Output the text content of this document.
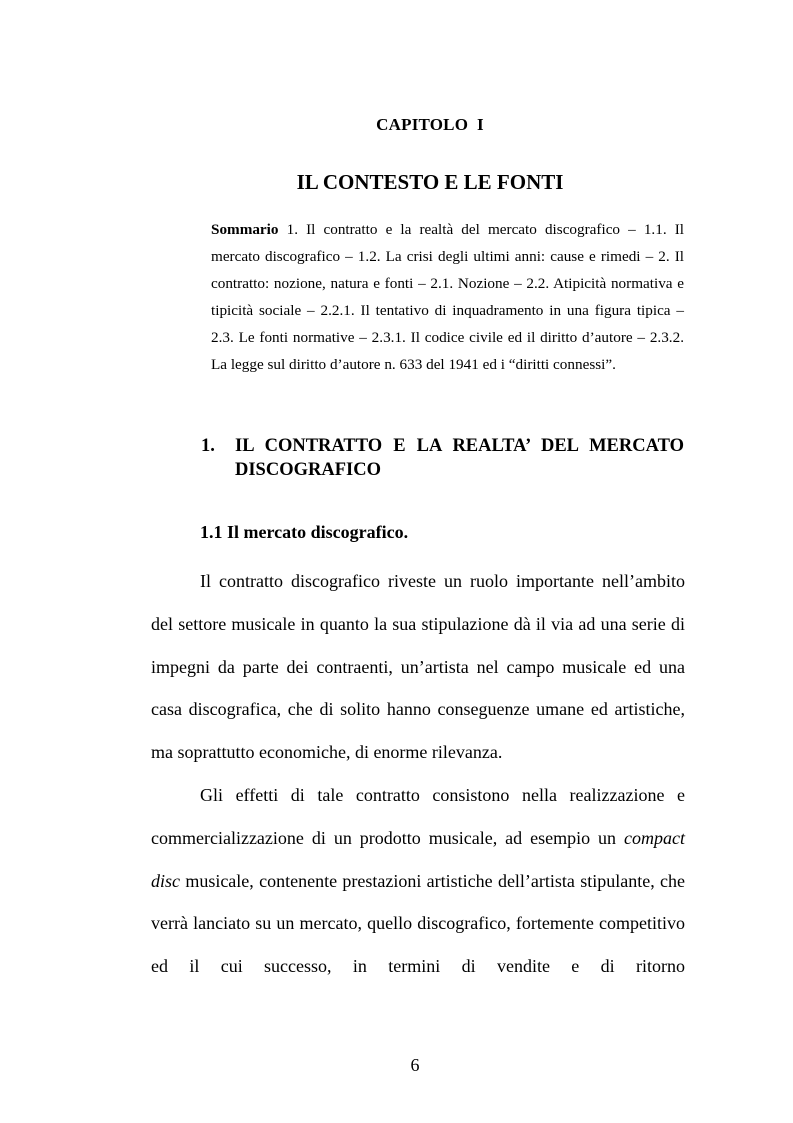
CAPITOLO  I
IL CONTESTO E LE FONTI
Sommario 1. Il contratto e la realtà del mercato discografico – 1.1. Il mercato discografico – 1.2. La crisi degli ultimi anni: cause e rimedi – 2. Il contratto: nozione, natura e fonti – 2.1. Nozione – 2.2. Atipicità normativa e tipicità sociale – 2.2.1. Il tentativo di inquadramento in una figura tipica – 2.3. Le fonti normative – 2.3.1. Il codice civile ed il diritto d’autore – 2.3.2. La legge sul diritto d’autore n. 633 del 1941 ed i “diritti connessi”.
1. IL CONTRATTO E LA REALTA’ DEL MERCATO DISCOGRAFICO
1.1 Il mercato discografico.

Il contratto discografico riveste un ruolo importante nell’ambito del settore musicale in quanto la sua stipulazione dà il via ad una serie di impegni da parte dei contraenti, un’artista nel campo musicale ed una casa discografica, che di solito hanno conseguenze umane ed artistiche, ma soprattutto economiche, di enorme rilevanza.

Gli effetti di tale contratto consistono nella realizzazione e commercializzazione di un prodotto musicale, ad esempio un compact disc musicale, contenente prestazioni artistiche dell’artista stipulante, che verrà lanciato su un mercato, quello discografico, fortemente competitivo ed il cui successo, in termini di vendite e di ritorno

6
